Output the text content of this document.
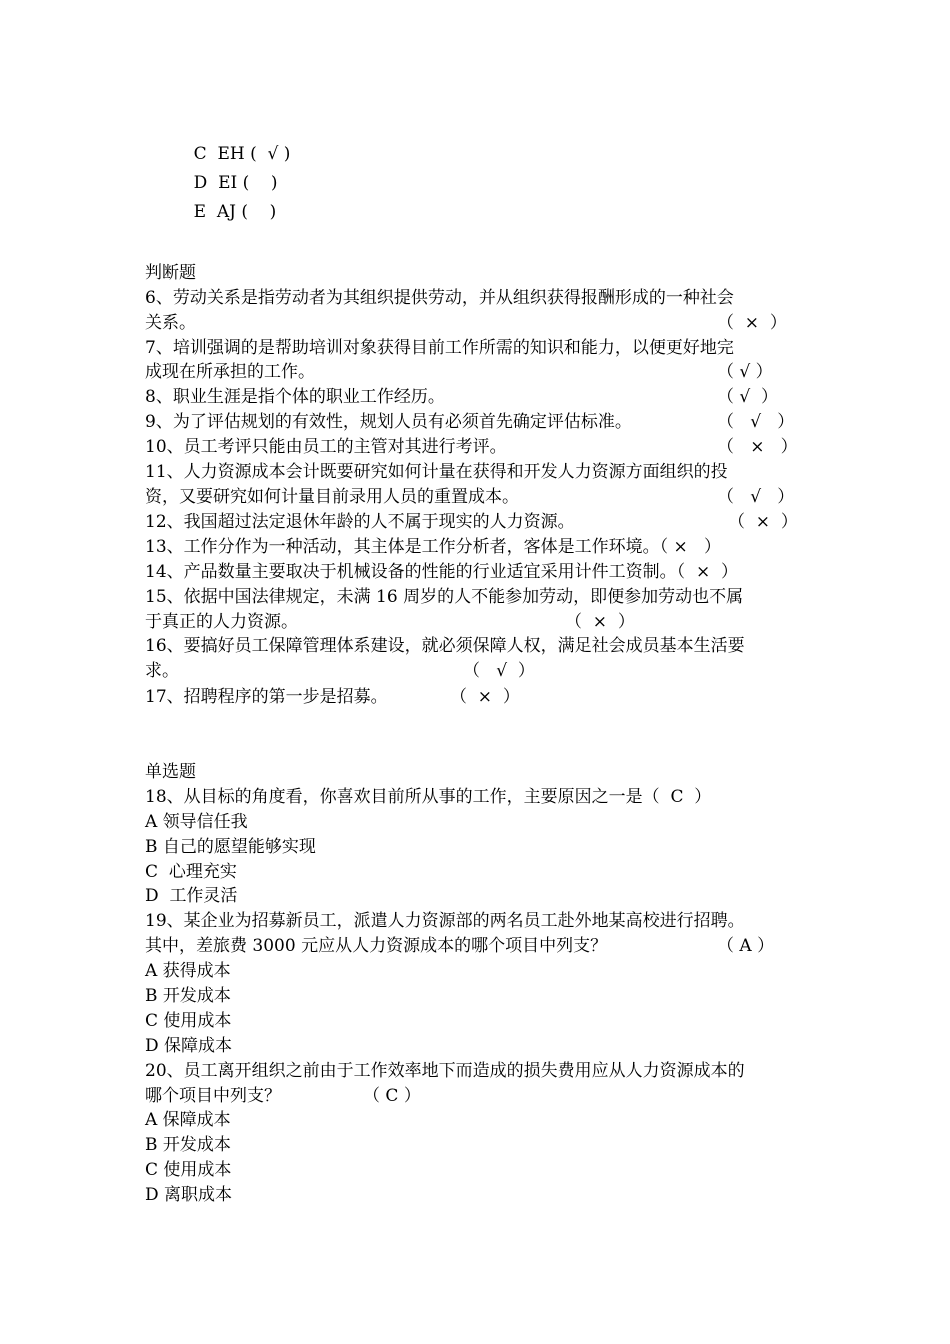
C  EH (  √ )

D  EI (    )

E  AJ (    )

判断题
6、劳动关系是指劳动者为其组织提供劳动，并从组织获得报酬形成的一种社会
关系。	（  ×  ）
7、培训强调的是帮助培训对象获得目前工作所需的知识和能力，以便更好地完
成现在所承担的工作。	（ √ ）
8、职业生涯是指个体的职业工作经历。	（ √  ）
9、为了评估规划的有效性，规划人员有必须首先确定评估标准。	（   √   ）
10、员工考评只能由员工的主管对其进行考评。	（   ×   ）
11、人力资源成本会计既要研究如何计量在获得和开发人力资源方面组织的投
资，又要研究如何计量目前录用人员的重置成本。	（   √   ）
12、我国超过法定退休年龄的人不属于现实的人力资源。	（  ×  ）
13、工作分作为一种活动，其主体是工作分析者，客体是工作环境。（ ×   ）
14、产品数量主要取决于机械设备的性能的行业适宜采用计件工资制。（  ×  ）
15、依据中国法律规定，未满 16 周岁的人不能参加劳动，即便参加劳动也不属
于真正的人力资源。	（  ×  ）
16、要搞好员工保障管理体系建设，就必须保障人权，满足社会成员基本生活要
求。	（   √  ）
17、招聘程序的第一步是招募。	（  ×  ）
单选题
18、从目标的角度看，你喜欢目前所从事的工作，主要原因之一是（  C  ）
A 领导信任我
B 自己的愿望能够实现
C  心理充实
D  工作灵活
19、某企业为招募新员工，派遣人力资源部的两名员工赴外地某高校进行招聘。
其中，差旅费 3000 元应从人力资源成本的哪个项目中列支？	（ A ）
A 获得成本
B 开发成本
C 使用成本
D 保障成本
20、员工离开组织之前由于工作效率地下而造成的损失费用应从人力资源成本的
哪个项目中列支？	（ C ）
A 保障成本
B 开发成本
C 使用成本
D 离职成本
